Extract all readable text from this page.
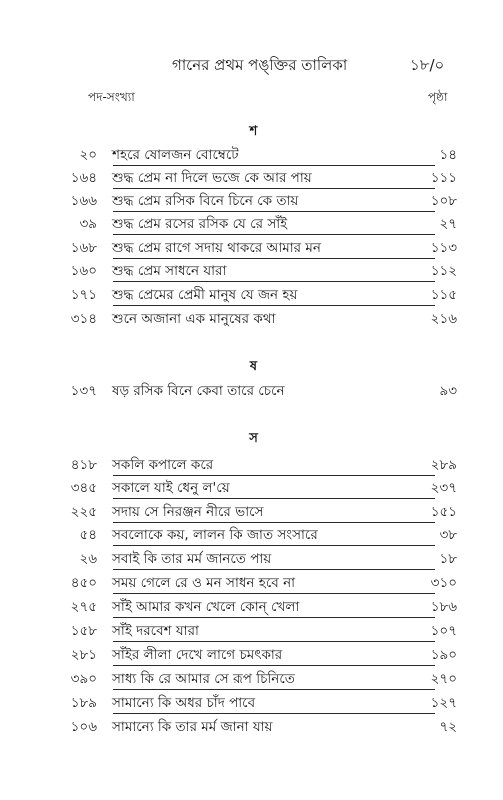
গানের প্রথম পঙ্‌ক্তির তালিকা	১৮/০
পদ-সংখ্যা	পৃষ্ঠা
শ
২০ শহরে ষোলজন বোম্বেটে	১৪
১৬৪ শুদ্ধ প্রেম না দিলে ভজে কে আর পায়	১১১
১৬৬ শুদ্ধ প্রেম রসিক বিনে চিনে কে তায়	১০৮
৩৯ শুদ্ধ প্রেম রসের রসিক যে রে সাঁই	২৭
১৬৮ শুদ্ধ প্রেম রাগে সদায় থাকরে আমার মন	১১৩
১৬০ শুদ্ধ প্রেম সাধনে যারা	১১২
১৭১ শুদ্ধ প্রেমের প্রেমী মানুষ যে জন হয়	১১৫
৩১৪ শুনে অজানা এক মানুষের কথা	২১৬
ষ
১৩৭ ষড় রসিক বিনে কেবা তারে চেনে	৯৩
স
৪১৮ সকলি কপালে করে	২৮৯
৩৪৫ সকালে যাই ধেনু ল'য়ে	২৩৭
২২৫ সদায় সে নিরঞ্জন নীরে ভাসে	১৫১
৫৪ সবলোকে কয়, লালন কি জাত সংসারে	৩৮
২৬ সবাই কি তার মর্ম জানতে পায়	১৮
৪৫০ সময় গেলে রে ও মন সাধন হবে না	৩১০
২৭৫ সাঁই আমার কখন খেলে কোন্‌ খেলা	১৮৬
১৫৮ সাঁই দরবেশ যারা	১০৭
২৮১ সাঁইর লীলা দেখে লাগে চমৎকার	১৯০
৩৯০ সাধ্য কি রে আমার সে রূপ চিনিতে	২৭০
১৮৯ সামান্যে কি অধর চাঁদ পাবে	১২৭
১০৬ সামান্যে কি তার মর্ম জানা যায়	৭২
